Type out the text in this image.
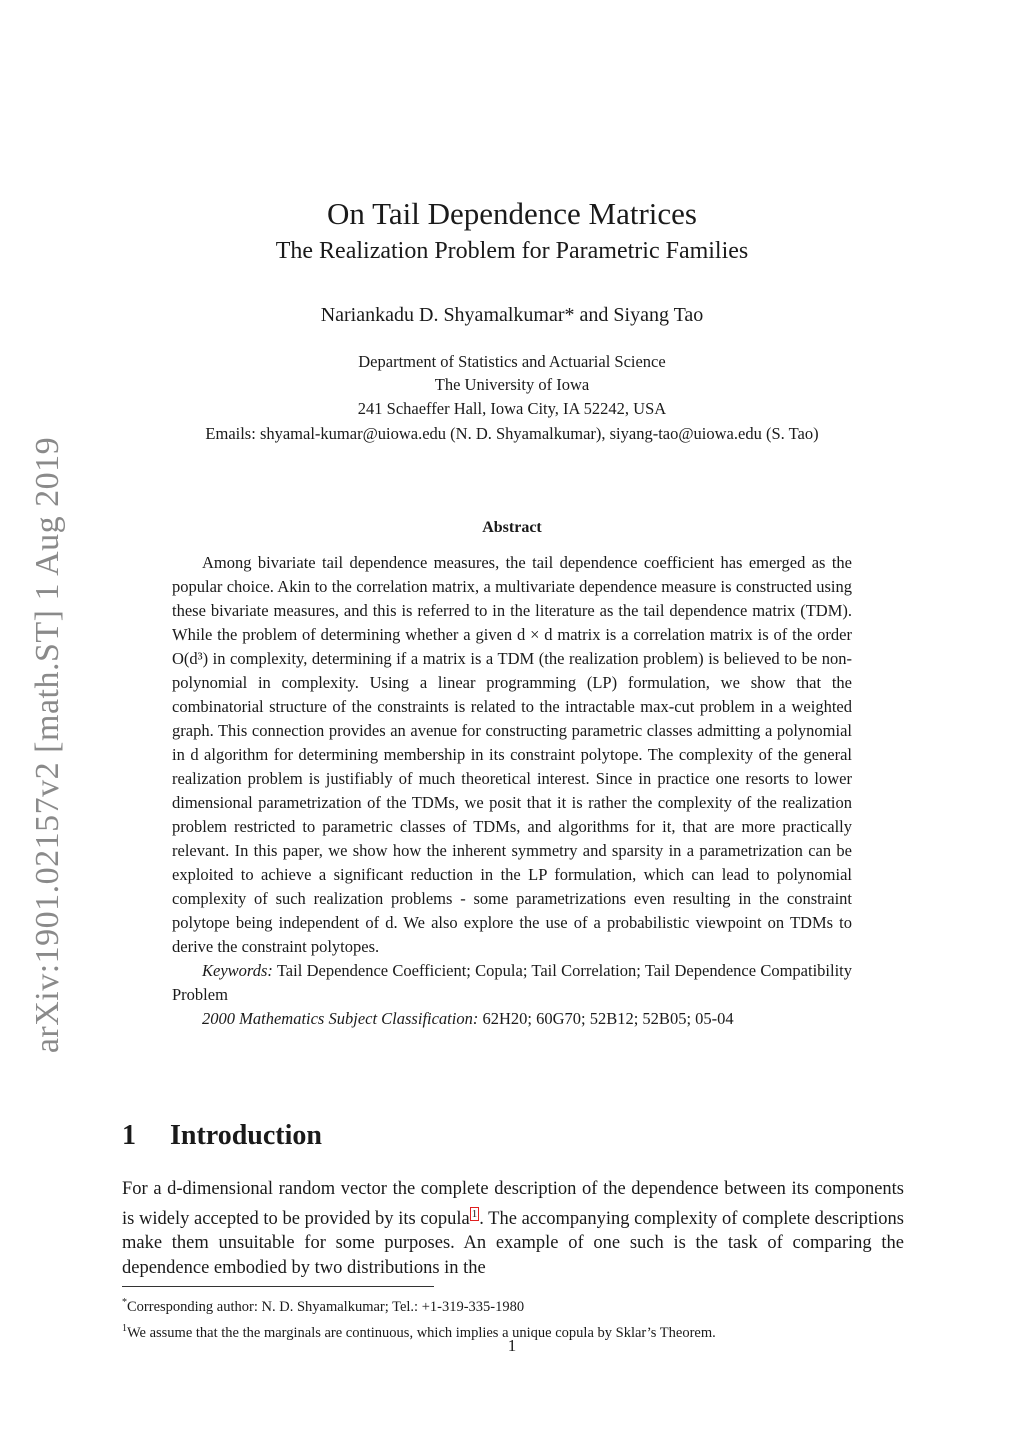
arXiv:1901.02157v2 [math.ST] 1 Aug 2019
On Tail Dependence Matrices
The Realization Problem for Parametric Families
Nariankadu D. Shyamalkumar* and Siyang Tao
Department of Statistics and Actuarial Science
The University of Iowa
241 Schaeffer Hall, Iowa City, IA 52242, USA
Emails: shyamal-kumar@uiowa.edu (N. D. Shyamalkumar), siyang-tao@uiowa.edu (S. Tao)
Abstract

Among bivariate tail dependence measures, the tail dependence coefficient has emerged as the popular choice. Akin to the correlation matrix, a multivariate dependence measure is constructed using these bivariate measures, and this is referred to in the literature as the tail dependence matrix (TDM). While the problem of determining whether a given d × d matrix is a correlation matrix is of the order O(d³) in complexity, determining if a matrix is a TDM (the realization problem) is believed to be non-polynomial in complexity. Using a linear programming (LP) formulation, we show that the combinatorial structure of the constraints is related to the intractable max-cut problem in a weighted graph. This connection provides an avenue for constructing parametric classes admitting a polynomial in d algorithm for determining membership in its constraint polytope. The complexity of the general realization problem is justifiably of much theoretical interest. Since in practice one resorts to lower dimensional parametrization of the TDMs, we posit that it is rather the complexity of the realization problem restricted to parametric classes of TDMs, and algorithms for it, that are more practically relevant. In this paper, we show how the inherent symmetry and sparsity in a parametrization can be exploited to achieve a significant reduction in the LP formulation, which can lead to polynomial complexity of such realization problems - some parametrizations even resulting in the constraint polytope being independent of d. We also explore the use of a probabilistic viewpoint on TDMs to derive the constraint polytopes.

Keywords: Tail Dependence Coefficient; Copula; Tail Correlation; Tail Dependence Compatibility Problem

2000 Mathematics Subject Classification: 62H20; 60G70; 52B12; 52B05; 05-04

1 Introduction
For a d-dimensional random vector the complete description of the dependence between its components is widely accepted to be provided by its copula $^1$ . The accompanying complexity of complete descriptions make them unsuitable for some purposes. An example of one such is the task of comparing the dependence embodied by two distributions in the
*Corresponding author: N. D. Shyamalkumar; Tel.: +1-319-335-1980
$^1$We assume that the the marginals are continuous, which implies a unique copula by Sklar’s Theorem.
1
